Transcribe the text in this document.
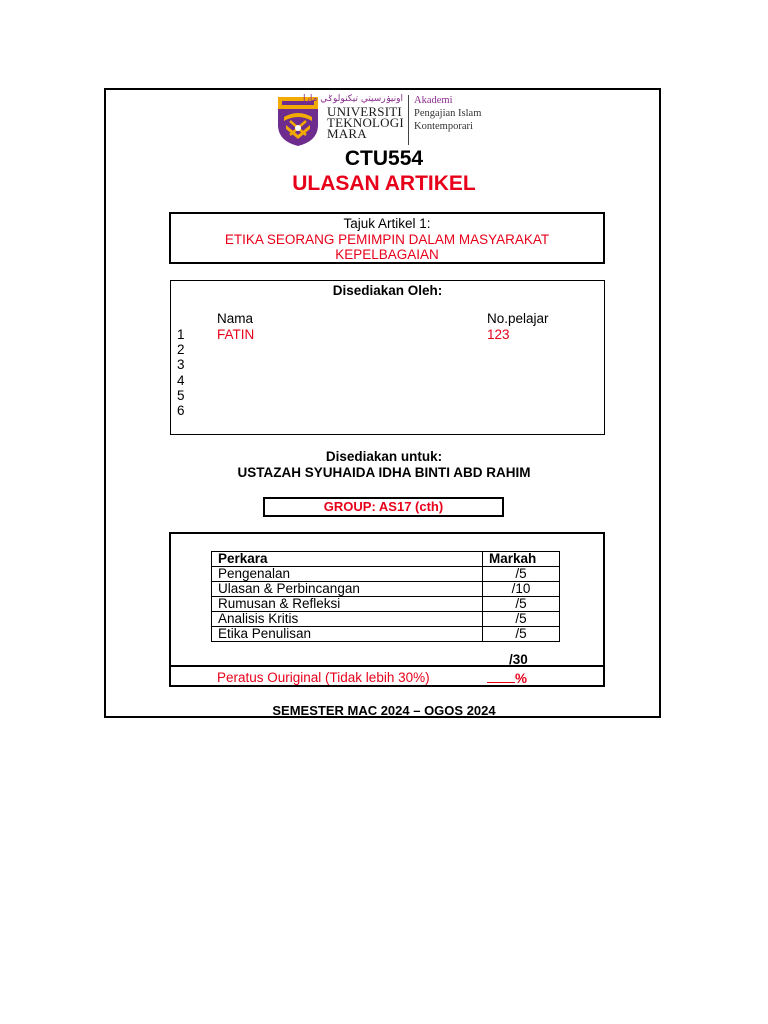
اونيۏرسيتي تيكنولوݢي مارا
UNIVERSITI
TEKNOLOGI
MARA
Akademi
Pengajian Islam
Kontemporari
CTU554
ULASAN ARTIKEL
Tajuk Artikel 1:
ETIKA SEORANG PEMIMPIN DALAM MASYARAKAT
KEPELBAGAIAN
Disediakan Oleh:
Nama	No.pelajar
1 FATIN	123
2
3
4
5
6
Disediakan untuk:
USTAZAH SYUHAIDA IDHA BINTI ABD RAHIM
GROUP: AS17 (cth)
Perkara	Markah
Pengenalan	/5
Ulasan & Perbincangan	/10
Rumusan & Refleksi	/5
Analisis Kritis	/5
Etika Penulisan	/5
/30
Peratus Ouriginal (Tidak lebih 30%)	%
SEMESTER MAC 2024 – OGOS 2024
